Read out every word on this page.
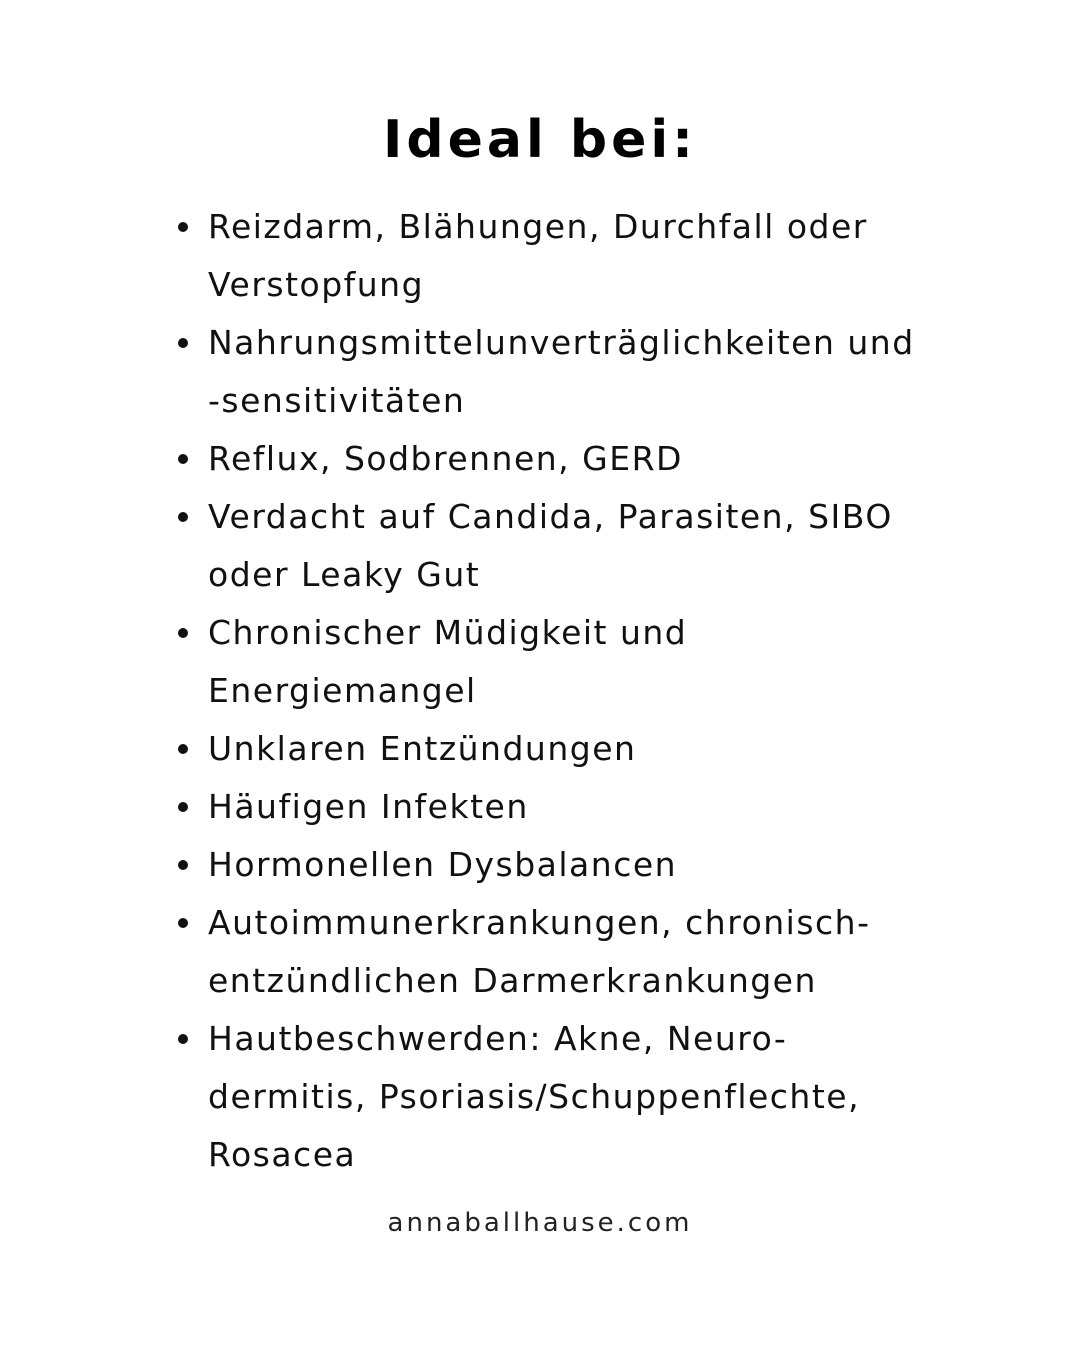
Ideal bei:
Reizdarm, Blähungen, Durchfall oder Verstopfung
Nahrungsmittelunverträglichkeiten und -sensitivitäten
Reflux, Sodbrennen, GERD
Verdacht auf Candida, Parasiten, SIBO oder Leaky Gut
Chronischer Müdigkeit und Energiemangel
Unklaren Entzündungen
Häufigen Infekten
Hormonellen Dysbalancen
Autoimmunerkrankungen, chronisch-entzündlichen Darmerkrankungen
Hautbeschwerden: Akne, Neuro-dermitis, Psoriasis/Schuppenflechte, Rosacea
annaballhause.com
